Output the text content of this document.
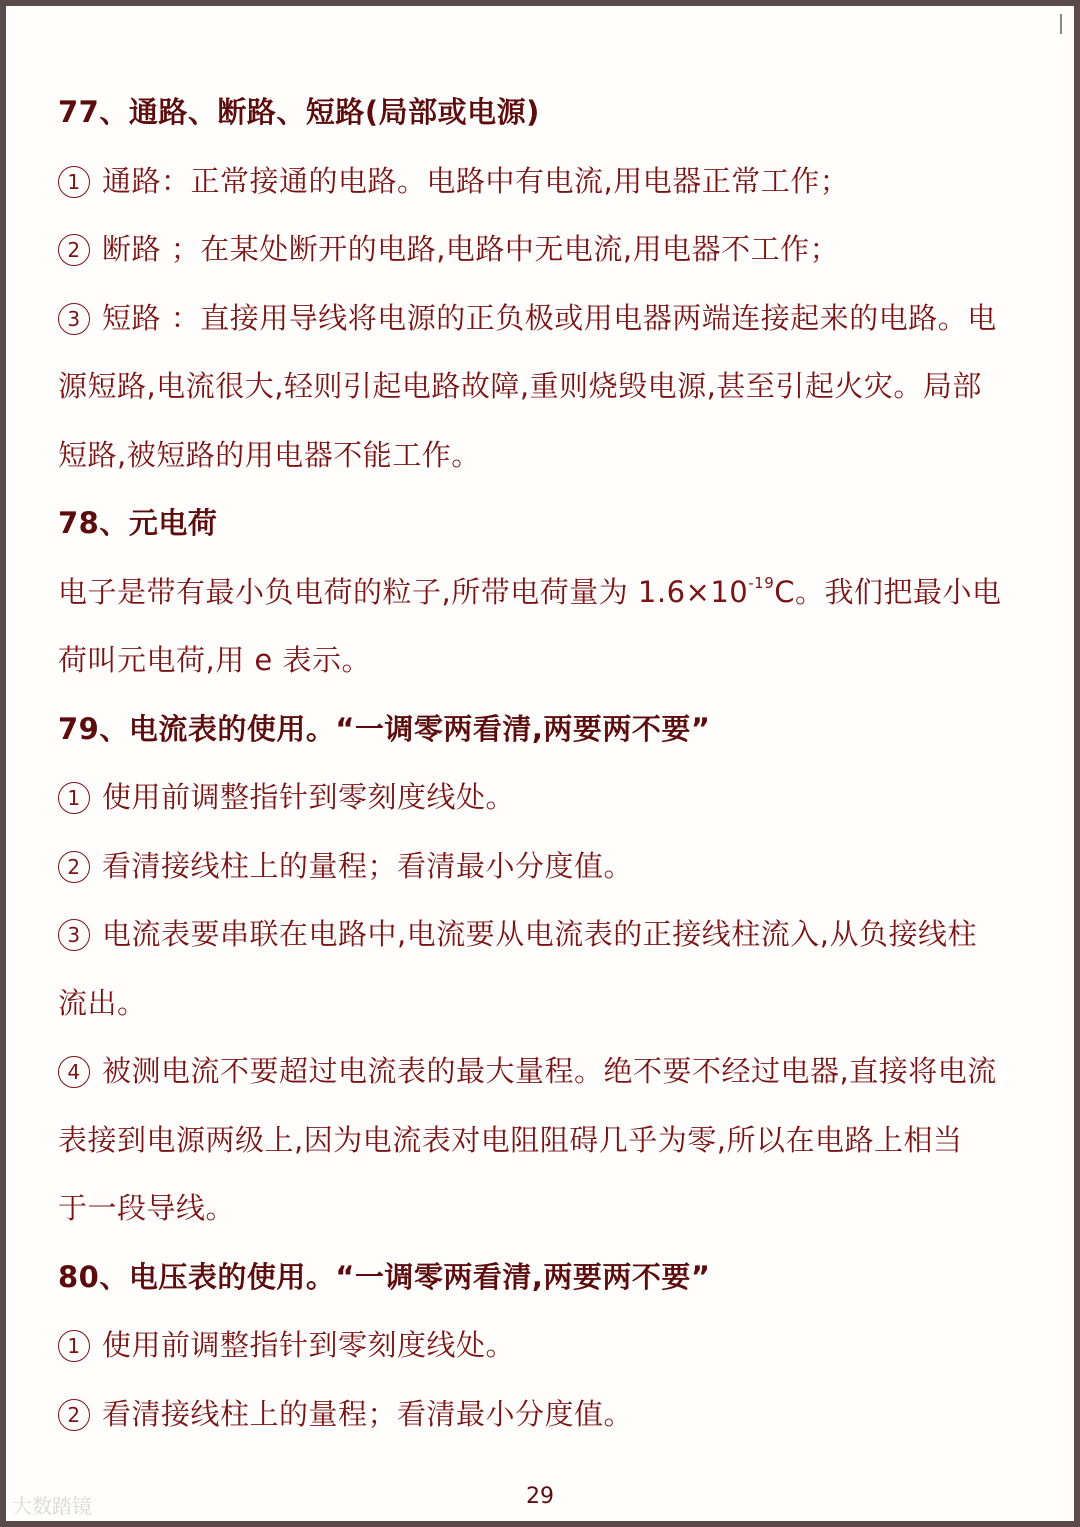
77、通路、断路、短路(局部或电源)
1 通路：正常接通的电路。电路中有电流,用电器正常工作；
2 断路 ；在某处断开的电路,电路中无电流,用电器不工作；
3 短路 ：直接用导线将电源的正负极或用电器两端连接起来的电路。电
源短路,电流很大,轻则引起电路故障,重则烧毁电源,甚至引起火灾。局部
短路,被短路的用电器不能工作。
78、元电荷
电子是带有最小负电荷的粒子,所带电荷量为 $1.6\times 10^{-19}C$。我们把最小电
荷叫元电荷,用 e 表示。
79、电流表的使用。“一调零两看清,两要两不要”
1 使用前调整指针到零刻度线处。
2 看清接线柱上的量程；看清最小分度值。
3 电流表要串联在电路中,电流要从电流表的正接线柱流入,从负接线柱
流出。
4 被测电流不要超过电流表的最大量程。绝不要不经过电器,直接将电流
表接到电源两级上,因为电流表对电阻阻碍几乎为零,所以在电路上相当
于一段导线。
80、电压表的使用。“一调零两看清,两要两不要”
1 使用前调整指针到零刻度线处。
2 看清接线柱上的量程；看清最小分度值。
29
大数踏镜
